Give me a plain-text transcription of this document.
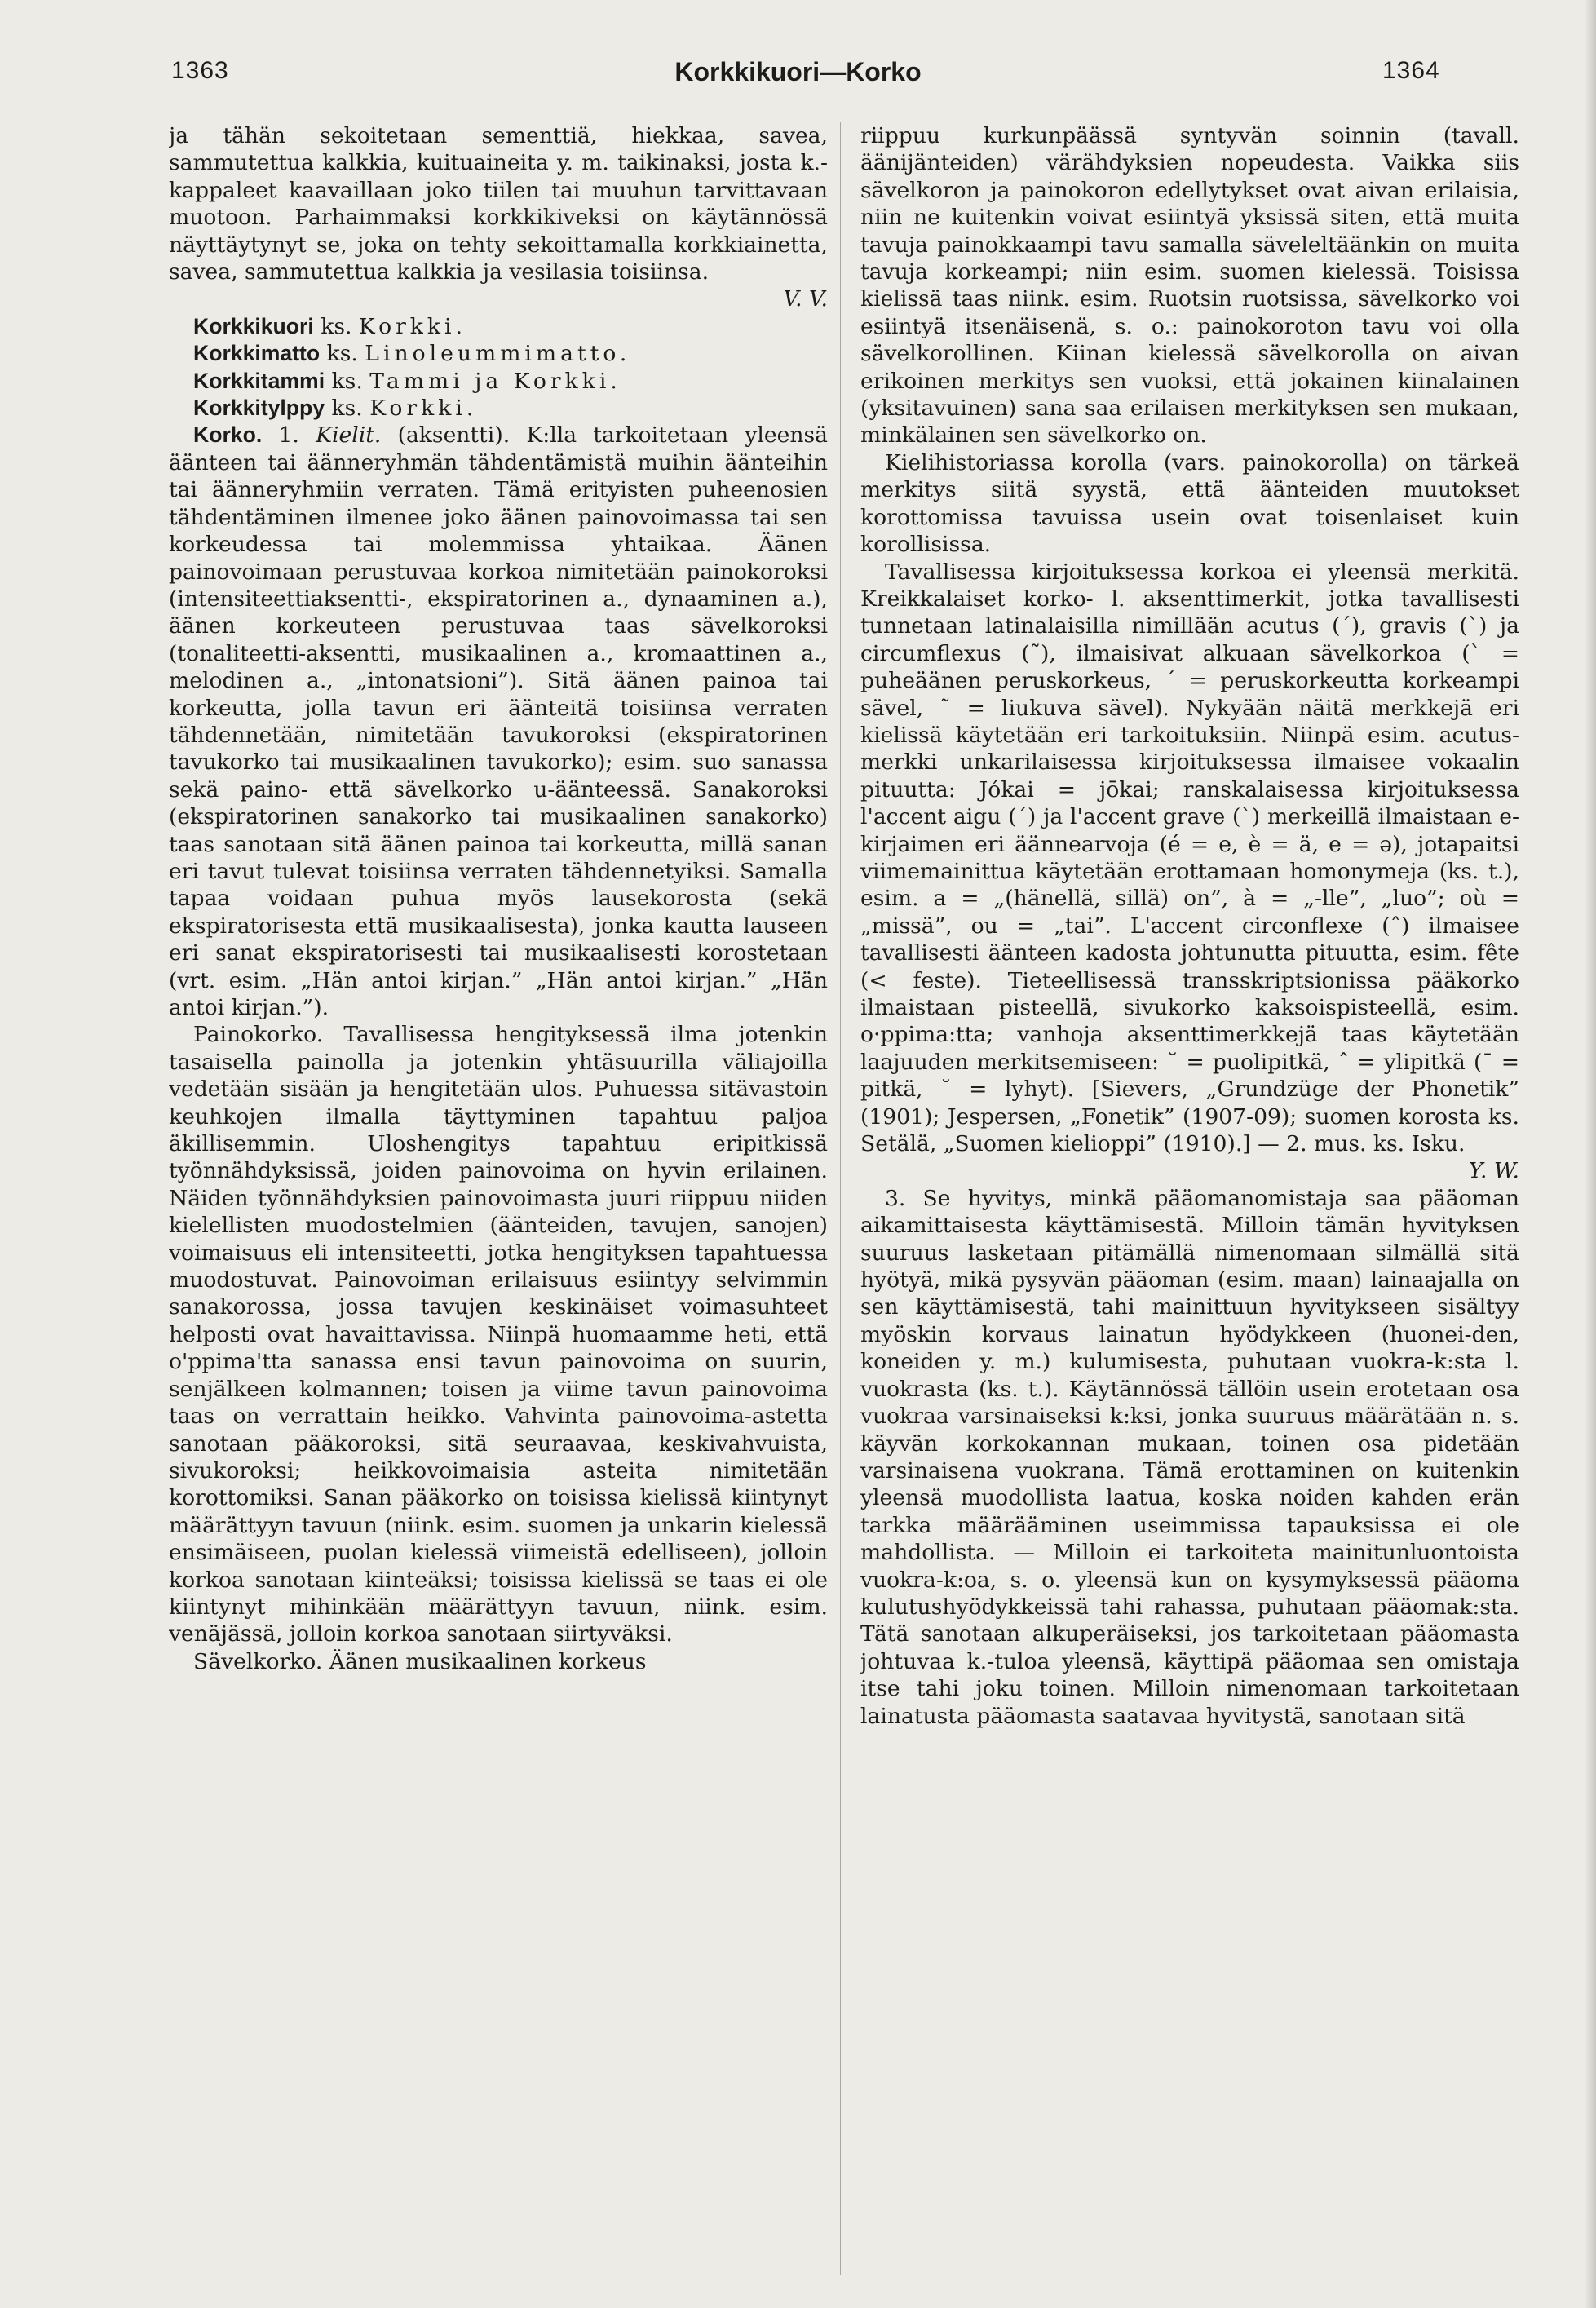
1363	Korkkikuori—Korko	1364

ja tähän sekoitetaan sementtiä, hiekkaa, savea, sammutettua kalkkia, kuituaineita y. m. taikinaksi, josta k.-kappaleet kaavaillaan joko tiilen tai muuhun tarvittavaan muotoon. Parhaimmaksi korkkikiveksi on käytännössä näyttäytynyt se, joka on tehty sekoittamalla korkkiainetta, savea, sammutettua kalkkia ja vesilasia toisiinsa.

V. V.

Korkkikuori ks. Korkki.

Korkkimatto ks. Linoleummimatto.

Korkkitammi ks. Tammi ja Korkki.

Korkkitylppy ks. Korkki.

Korko. 1. Kielit. (aksentti). K:lla tarkoitetaan yleensä äänteen tai äänneryhmän tähdentämistä muihin äänteihin tai äänneryhmiin verraten. Tämä erityisten puheenosien tähdentäminen ilmenee joko äänen painovoimassa tai sen korkeudessa tai molemmissa yhtaikaa. Äänen painovoimaan perustuvaa korkoa nimitetään painokoroksi (intensiteettiaksentti-, ekspiratorinen a., dynaaminen a.), äänen korkeuteen perustuvaa taas sävelkoroksi (tonaliteetti-aksentti, musikaalinen a., kromaattinen a., melodinen a., „intonatsioni”). Sitä äänen painoa tai korkeutta, jolla tavun eri äänteitä toisiinsa verraten tähdennetään, nimitetään tavukoroksi (ekspiratorinen tavukorko tai musikaalinen tavukorko); esim. suo sanassa sekä paino- että sävelkorko u-äänteessä. Sanakoroksi (ekspiratorinen sanakorko tai musikaalinen sanakorko) taas sanotaan sitä äänen painoa tai korkeutta, millä sanan eri tavut tulevat toisiinsa verraten tähdennetyiksi. Samalla tapaa voidaan puhua myös lausekorosta (sekä ekspiratorisesta että musikaalisesta), jonka kautta lauseen eri sanat ekspiratorisesti tai musikaalisesti korostetaan (vrt. esim. „Hän antoi kirjan.” „Hän antoi kirjan.” „Hän antoi kirjan.”).

Painokorko. Tavallisessa hengityksessä ilma jotenkin tasaisella painolla ja jotenkin yhtäsuurilla väliajoilla vedetään sisään ja hengitetään ulos. Puhuessa sitävastoin keuhkojen ilmalla täyttyminen tapahtuu paljoa äkillisemmin. Uloshengitys tapahtuu eripitkissä työnnähdyksissä, joiden painovoima on hyvin erilainen. Näiden työnnähdyksien painovoimasta juuri riippuu niiden kielellisten muodostelmien (äänteiden, tavujen, sanojen) voimaisuus eli intensiteetti, jotka hengityksen tapahtuessa muodostuvat. Painovoiman erilaisuus esiintyy selvimmin sanakorossa, jossa tavujen keskinäiset voimasuhteet helposti ovat havaittavissa. Niinpä huomaamme heti, että o'ppima'tta sanassa ensi tavun painovoima on suurin, senjälkeen kolmannen; toisen ja viime tavun painovoima taas on verrattain heikko. Vahvinta painovoima-astetta sanotaan pääkoroksi, sitä seuraavaa, keskivahvuista, sivukoroksi; heikkovoimaisia asteita nimitetään korottomiksi. Sanan pääkorko on toisissa kielissä kiintynyt määrättyyn tavuun (niink. esim. suomen ja unkarin kielessä ensimäiseen, puolan kielessä viimeistä edelliseen), jolloin korkoa sanotaan kiinteäksi; toisissa kielissä se taas ei ole kiintynyt mihinkään määrättyyn tavuun, niink. esim. venäjässä, jolloin korkoa sanotaan siirtyväksi.

Sävelkorko. Äänen musikaalinen korkeus

riippuu kurkunpäässä syntyvän soinnin (tavall. äänijänteiden) värähdyksien nopeudesta. Vaikka siis sävelkoron ja painokoron edellytykset ovat aivan erilaisia, niin ne kuitenkin voivat esiintyä yksissä siten, että muita tavuja painokkaampi tavu samalla säveleltäänkin on muita tavuja korkeampi; niin esim. suomen kielessä. Toisissa kielissä taas niink. esim. Ruotsin ruotsissa, sävelkorko voi esiintyä itsenäisenä, s. o.: painokoroton tavu voi olla sävelkorollinen. Kiinan kielessä sävelkorolla on aivan erikoinen merkitys sen vuoksi, että jokainen kiinalainen (yksitavuinen) sana saa erilaisen merkityksen sen mukaan, minkälainen sen sävelkorko on.

Kielihistoriassa korolla (vars. painokorolla) on tärkeä merkitys siitä syystä, että äänteiden muutokset korottomissa tavuissa usein ovat toisenlaiset kuin korollisissa.

Tavallisessa kirjoituksessa korkoa ei yleensä merkitä. Kreikkalaiset korko- l. aksenttimerkit, jotka tavallisesti tunnetaan latinalaisilla nimillään acutus (´), gravis (`) ja circumflexus (˜), ilmaisivat alkuaan sävelkorkoa (` = puheäänen peruskorkeus, ´ = peruskorkeutta korkeampi sävel, ˜ = liukuva sävel). Nykyään näitä merkkejä eri kielissä käytetään eri tarkoituksiin. Niinpä esim. acutus-merkki unkarilaisessa kirjoituksessa ilmaisee vokaalin pituutta: Jókai = jōkai; ranskalaisessa kirjoituksessa l'accent aigu (´) ja l'accent grave (`) merkeillä ilmaistaan e-kirjaimen eri äännearvoja (é = e, è = ä, e = ə), jotapaitsi viimemainittua käytetään erottamaan homonymeja (ks. t.), esim. a = „(hänellä, sillä) on”, à = „-lle”, „luo”; où = „missä”, ou = „tai”. L'accent circonflexe (ˆ) ilmaisee tavallisesti äänteen kadosta johtunutta pituutta, esim. fête (< feste). Tieteellisessä transskriptsionissa pääkorko ilmaistaan pisteellä, sivukorko kaksoispisteellä, esim. o·ppima:tta; vanhoja aksenttimerkkejä taas käytetään laajuuden merkitsemiseen: ˘ = puolipitkä, ˆ = ylipitkä (¯ = pitkä, ˘ = lyhyt). [Sievers, „Grundzüge der Phonetik” (1901); Jespersen, „Fonetik” (1907-09); suomen korosta ks. Setälä, „Suomen kielioppi” (1910).] — 2. mus. ks. Isku.

Y. W.

3. Se hyvitys, minkä pääomanomistaja saa pääoman aikamittaisesta käyttämisestä. Milloin tämän hyvityksen suuruus lasketaan pitämällä nimenomaan silmällä sitä hyötyä, mikä pysyvän pääoman (esim. maan) lainaajalla on sen käyttämisestä, tahi mainittuun hyvitykseen sisältyy myöskin korvaus lainatun hyödykkeen (huonei-den, koneiden y. m.) kulumisesta, puhutaan vuokra-k:sta l. vuokrasta (ks. t.). Käytännössä tällöin usein erotetaan osa vuokraa varsinaiseksi k:ksi, jonka suuruus määrätään n. s. käyvän korkokannan mukaan, toinen osa pidetään varsinaisena vuokrana. Tämä erottaminen on kuitenkin yleensä muodollista laatua, koska noiden kahden erän tarkka määrääminen useimmissa tapauksissa ei ole mahdollista. — Milloin ei tarkoiteta mainitunluontoista vuokra-k:oa, s. o. yleensä kun on kysymyksessä pääoma kulutushyödykkeissä tahi rahassa, puhutaan pääomak:sta. Tätä sanotaan alkuperäiseksi, jos tarkoitetaan pääomasta johtuvaa k.-tuloa yleensä, käyttipä pääomaa sen omistaja itse tahi joku toinen. Milloin nimenomaan tarkoitetaan lainatusta pääomasta saatavaa hyvitystä, sanotaan sitä
